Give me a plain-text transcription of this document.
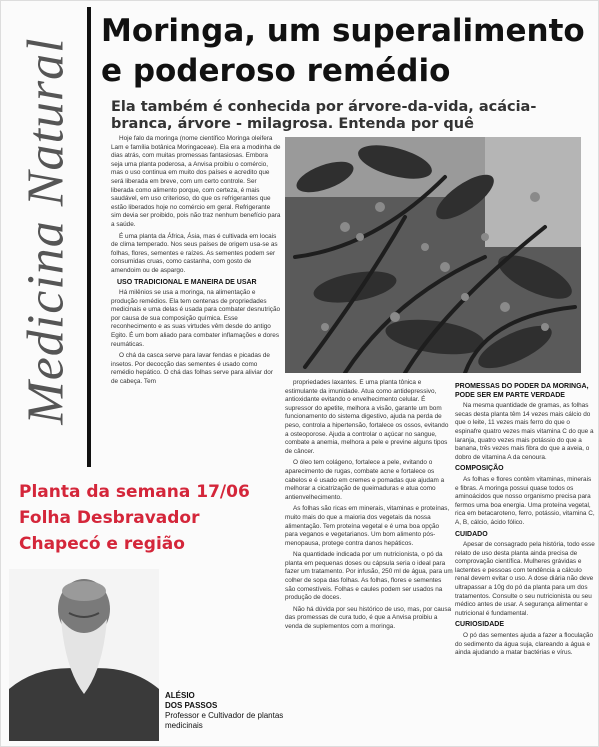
Medicina Natural
Moringa, um superalimento e poderoso remédio
Ela também é conhecida por árvore-da-vida, acácia-branca, árvore - milagrosa. Entenda por quê

Hoje falo da moringa (nome científico Moringa oleifera Lam e família botânica Moringaceae). Ela era a modinha de dias atrás, com muitas promessas fantasiosas. Embora seja uma planta poderosa, a Anvisa proibiu o comércio, mas o uso continua em muito dos países e acredito que será liberada em breve, com um certo controle. Ser liberada como alimento porque, com certeza, é mais saudável, em uso criterioso, do que os refrigerantes que estão liberados hoje no comércio em geral. Refrigerante sim devia ser proibido, pois não traz nenhum benefício para a saúde.

É uma planta da África, Ásia, mas é cultivada em locais de clima temperado. Nos seus países de origem usa-se as folhas, flores, sementes e raízes. As sementes podem ser consumidas cruas, como castanha, com gosto de amendoim ou de aspargo.

USO TRADICIONAL E MANEIRA DE USAR

Há milênios se usa a moringa, na alimentação e produção remédios. Ela tem centenas de propriedades medicinais e uma delas é usada para combater desnutrição por causa de sua composição química. Esse reconhecimento e as suas virtudes vêm desde do antigo Egito. É um bom aliado para combater inflamações e dores reumáticas.

O chá da casca serve para lavar fendas e picadas de insetos. Por decocção das sementes é usado como remédio hepático. O chá das folhas serve para aliviar dor de cabeça. Tem	propriedades laxantes. É uma planta tônica e estimulante da imunidade. Atua como antidepressivo, antioxidante evitando o envelhecimento celular. É supressor do apetite, melhora a visão, garante um bom funcionamento do sistema digestivo, ajuda na perda de peso, controla a hipertensão, fortalece os ossos, evitando a osteoporose. Ajuda a controlar o açúcar no sangue, combate a anemia, melhora a pele e previne alguns tipos de câncer.

O óleo tem colágeno, fortalece a pele, evitando o aparecimento de rugas, combate acne e fortalece os cabelos e é usado em cremes e pomadas que ajudam a melhorar a cicatrização de queimaduras e atua como antienvelhecimento.

As folhas são ricas em minerais, vitaminas e proteínas, muito mais do que a maioria dos vegetais da nossa alimentação. Tem proteína vegetal e é uma boa opção para veganos e vegetarianos. Um bom alimento pós-menopausa, protege contra danos hepáticos.

Na quantidade indicada por um nutricionista, o pó da planta em pequenas doses ou cápsula seria o ideal para fazer um tratamento. Por infusão, 250 ml de água, para um colher de sopa das folhas. As folhas, flores e sementes são comestíveis. Folhas e caules podem ser usados na produção de doces.

Não há dúvida por seu histórico de uso, mas, por causa das promessas de cura tudo, é que a Anvisa proibiu a venda de suplementos com a moringa.

PROMESSAS DO PODER DA MORINGA, PODE SER EM PARTE VERDADE

Na mesma quantidade de gramas, as folhas secas desta planta têm 14 vezes mais cálcio do que o leite, 11 vezes mais ferro do que o espinafre quatro vezes mais vitamina C do que a laranja, quatro vezes mais potássio do que a banana, três vezes mais fibra do que a aveia, o dobro de vitamina A da cenoura.

COMPOSIÇÃO

As folhas e flores contêm vitaminas, minerais e fibras. A moringa possui quase todos os aminoácidos que nosso organismo precisa para fermos uma boa energia. Uma proteína vegetal, rica em betacaroteno, ferro, potássio, vitamina C, A, B, cálcio, ácido fólico.

CUIDADO

Apesar de consagrado pela história, todo esse relato de uso desta planta ainda precisa de comprovação científica. Mulheres grávidas e lactentes e pessoas com tendência a cálculo renal devem evitar o uso. A dose diária não deve ultrapassar a 10g do pó da planta para um dos tratamentos. Consulte o seu nutricionista ou seu médico antes de usar. A segurança alimentar e nutricional é fundamental.

CURIOSIDADE

O pó das sementes ajuda a fazer a floculação do sedimento da água suja, clareando a água e ainda ajudando a matar bactérias e vírus.

Planta da semana 17/06
Folha Desbravador
Chapecó e região
ALÉSIO
DOS PASSOS
Professor e Cultivador de plantas medicinais
